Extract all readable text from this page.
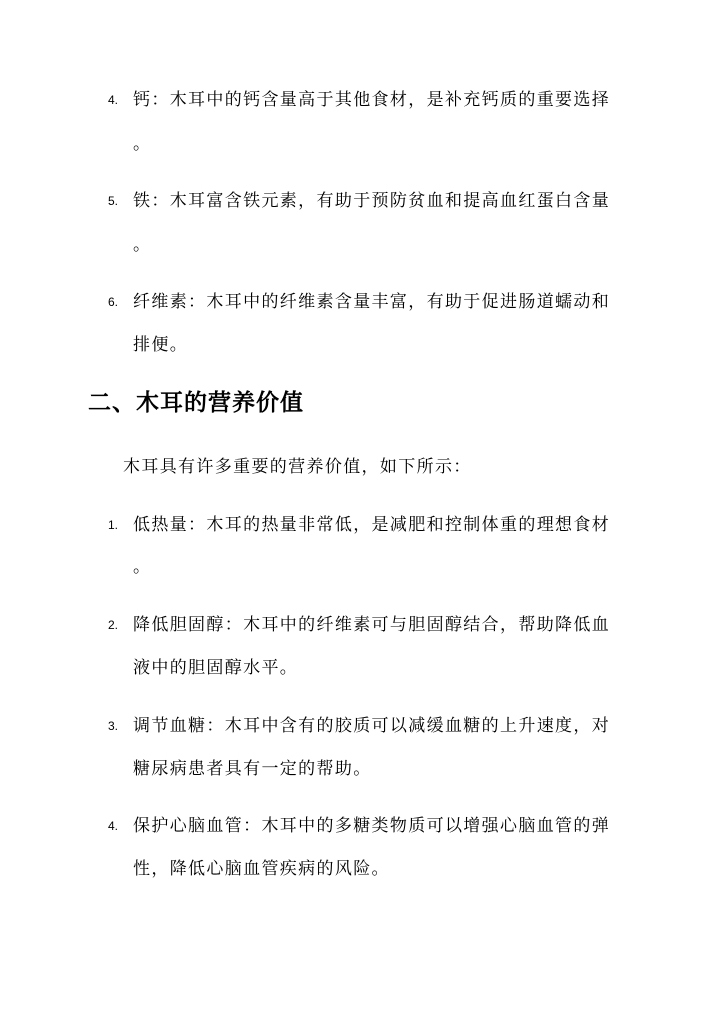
4. 钙：木耳中的钙含量高于其他食材，是补充钙质的重要选择
。
5. 铁：木耳富含铁元素，有助于预防贫血和提高血红蛋白含量
。
6. 纤维素：木耳中的纤维素含量丰富，有助于促进肠道蠕动和
排便。
二、木耳的营养价值
木耳具有许多重要的营养价值，如下所示：
1. 低热量：木耳的热量非常低，是减肥和控制体重的理想食材
。
2. 降低胆固醇：木耳中的纤维素可与胆固醇结合，帮助降低血
液中的胆固醇水平。
3. 调节血糖：木耳中含有的胶质可以减缓血糖的上升速度，对
糖尿病患者具有一定的帮助。
4. 保护心脑血管：木耳中的多糖类物质可以增强心脑血管的弹
性，降低心脑血管疾病的风险。
